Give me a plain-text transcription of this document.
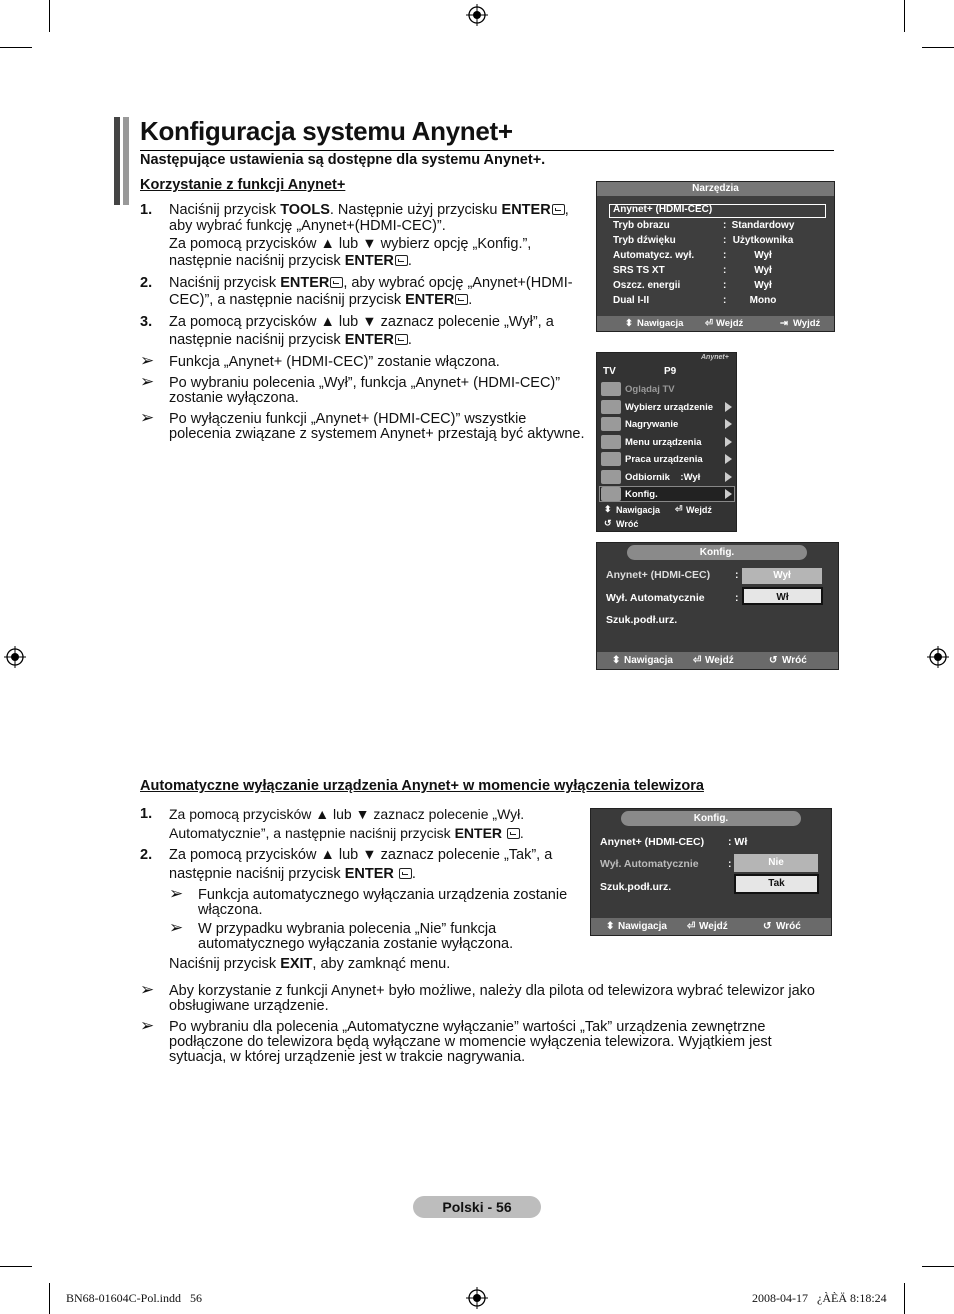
Konfiguracja systemu Anynet+
Następujące ustawienia są dostępne dla systemu Anynet+.
Korzystanie z funkcji Anynet+
1. Naciśnij przycisk TOOLS. Następnie użyj przycisku ENTER ,
aby wybrać funkcję „Anynet+(HDMI-CEC)”.
Za pomocą przycisków ▲ lub ▼ wybierz opcję „Konfig.”,
następnie naciśnij przycisk ENTER .
2. Naciśnij przycisk ENTER , aby wybrać opcję „Anynet+(HDMI-
CEC)”, a następnie naciśnij przycisk ENTER .
3. Za pomocą przycisków ▲ lub ▼ zaznacz polecenie „Wył”, a
następnie naciśnij przycisk ENTER .
➢ Funkcja „Anynet+ (HDMI-CEC)” zostanie włączona.
➢ Po wybraniu polecenia „Wył”, funkcja „Anynet+ (HDMI-CEC)”
zostanie wyłączona.
➢ Po wyłączeniu funkcji „Anynet+ (HDMI-CEC)” wszystkie
polecenia związane z systemem Anynet+ przestają być aktywne.
Narzędzia
Anynet+ (HDMI-CEC)
Tryb obrazu	: Standardowy
Tryb dźwięku	: Użytkownika
Automatycz. wył.	:	Wył
SRS TS XT	:	Wył
Oszcz. energii	:	Wył
Dual I-II	:	Mono
⬍ Nawigacja ⏎ Wejdź	⇥ Wyjdź
Anynet+
TV	P9
Oglądaj TV
Wybierz urządzenie
Nagrywanie
Menu urządzenia
Praca urządzenia
Odbiornik    :Wył
Konfig.
⬍ Nawigacja ⏎ Wejdź
↺ Wróć
Konfig.
Anynet+ (HDMI-CEC) :	Wył
Wył. Automatycznie	:	Wł
Szuk.podł.urz.
⬍ Nawigacja ⏎ Wejdź	↺ Wróć
Automatyczne wyłączanie urządzenia Anynet+ w momencie wyłączenia telewizora
1. Za pomocą przycisków ▲ lub ▼ zaznacz polecenie „Wył.
Automatycznie”, a następnie naciśnij przycisk ENTER .
2. Za pomocą przycisków ▲ lub ▼ zaznacz polecenie „Tak”, a
następnie naciśnij przycisk ENTER .
➢ Funkcja automatycznego wyłączania urządzenia zostanie
włączona.
➢ W przypadku wybrania polecenia „Nie” funkcja
automatycznego wyłączania zostanie wyłączona.
Naciśnij przycisk EXIT, aby zamknąć menu.
➢ Aby korzystanie z funkcji Anynet+ było możliwe, należy dla pilota od telewizora wybrać telewizor jako
obsługiwane urządzenie.
➢ Po wybraniu dla polecenia „Automatyczne wyłączanie” wartości „Tak” urządzenia zewnętrzne
podłączone do telewizora będą wyłączane w momencie wyłączenia telewizora. Wyjątkiem jest
sytuacja, w której urządzenie jest w trakcie nagrywania.
Konfig.
Anynet+ (HDMI-CEC) : Wł
Wył. Automatycznie	:	Nie
Tak
Szuk.podł.urz.
⬍ Nawigacja ⏎ Wejdź	↺ Wróć
Polski - 56
BN68-01604C-Pol.indd   56	2008-04-17   ¿ÀÈÄ 8:18:24
